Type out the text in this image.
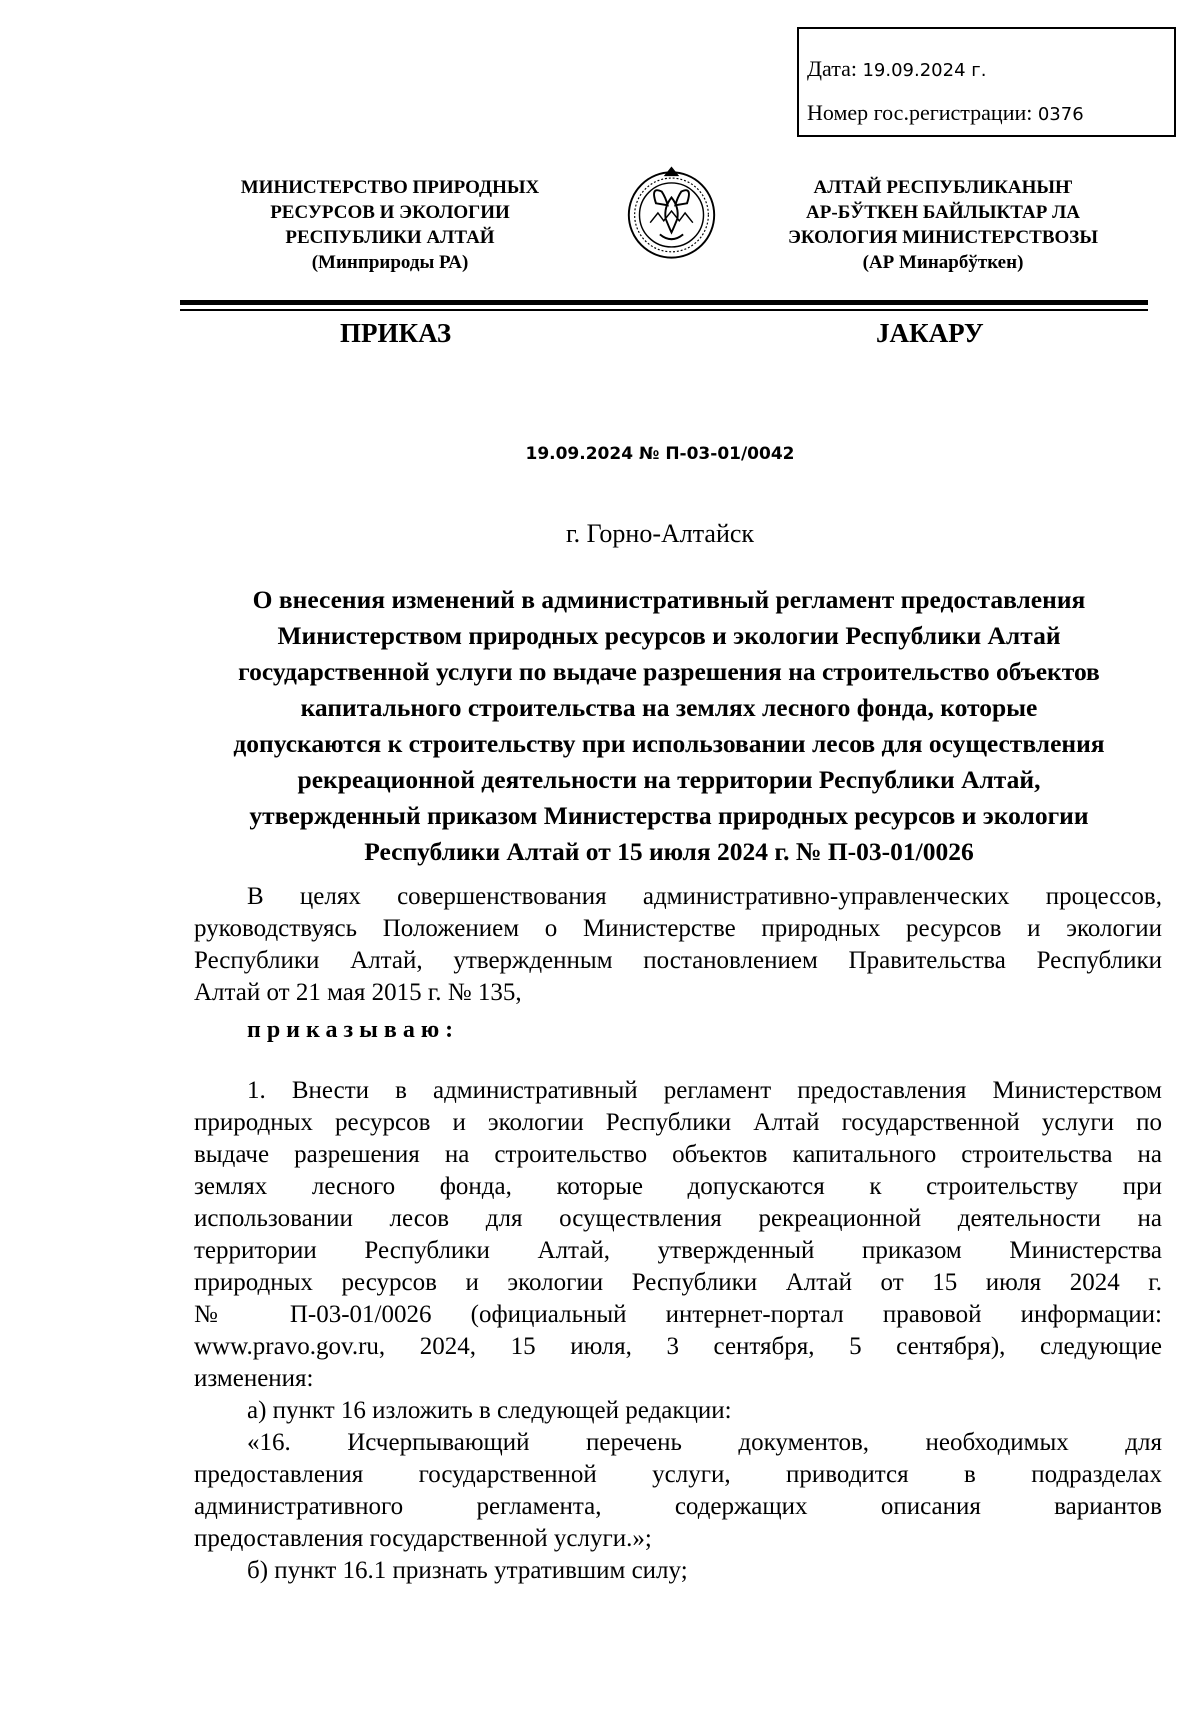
Дата: 19.09.2024 г.
Номер гос.регистрации: 0376
МИНИСТЕРСТВО ПРИРОДНЫХ
РЕСУРСОВ И ЭКОЛОГИИ
РЕСПУБЛИКИ АЛТАЙ
(Минприроды РА)
АЛТАЙ РЕСПУБЛИКАНЫҤ
АР-БЎТКЕН БАЙЛЫКТАР ЛА
ЭКОЛОГИЯ МИНИСТЕРСТВОЗЫ
(АР Минарбўткен)
ПРИКАЗ	JАКАРУ
19.09.2024 № П-03-01/0042
г. Горно-Алтайск
О внесения изменений в административный регламент предоставления
Министерством природных ресурсов и экологии Республики Алтай
государственной услуги по выдаче разрешения на строительство объектов
капитального строительства на землях лесного фонда, которые
допускаются к строительству при использовании лесов для осуществления
рекреационной деятельности на территории Республики Алтай,
утвержденный приказом Министерства природных ресурсов и экологии
Республики Алтай от 15 июля 2024 г. № П-03-01/0026
В целях совершенствования административно-управленческих процессов,
руководствуясь Положением о Министерстве природных ресурсов и экологии
Республики Алтай, утвержденным постановлением Правительства Республики
Алтай от 21 мая 2015 г. № 135,
приказываю:
1. Внести в административный регламент предоставления Министерством
природных ресурсов и экологии Республики Алтай государственной услуги по
выдаче разрешения на строительство объектов капитального строительства на
землях лесного фонда, которые допускаются к строительству при
использовании лесов для осуществления рекреационной деятельности на
территории Республики Алтай, утвержденный приказом Министерства
природных ресурсов и экологии Республики Алтай от 15 июля 2024 г.
№ П-03-01/0026 (официальный интернет-портал правовой информации:
www.pravo.gov.ru, 2024, 15 июля, 3 сентября, 5 сентября), следующие
изменения:
а) пункт 16 изложить в следующей редакции:
«16. Исчерпывающий перечень документов, необходимых для
предоставления государственной услуги, приводится в подразделах
административного регламента, содержащих описания вариантов
предоставления государственной услуги.»;
б) пункт 16.1 признать утратившим силу;
